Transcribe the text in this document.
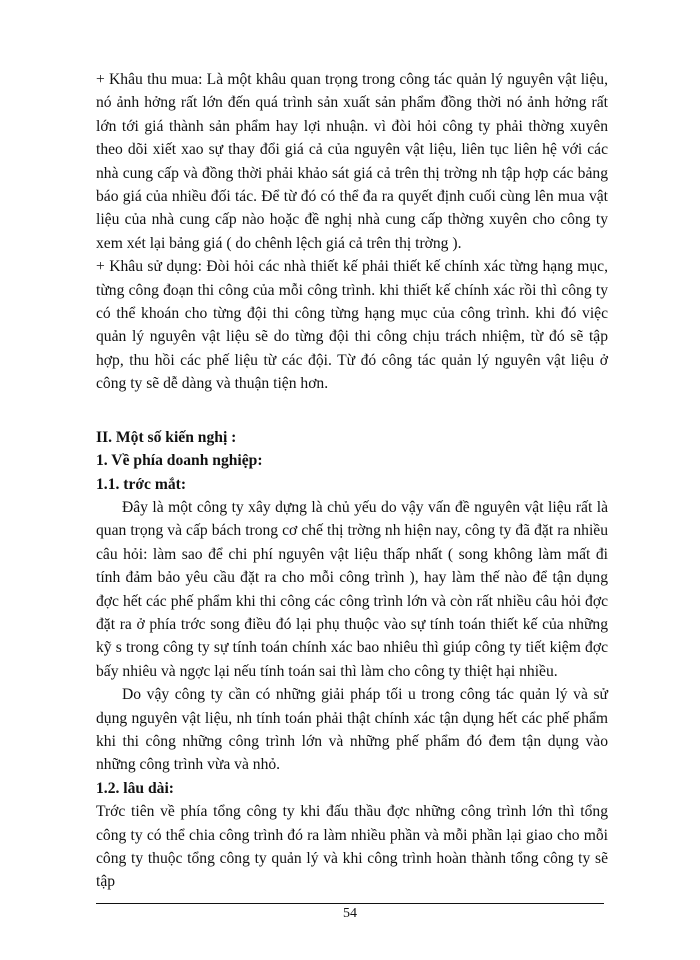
+ Khâu thu mua: Là một khâu quan trọng trong công tác quản lý nguyên vật liệu, nó ảnh hởng rất lớn đến quá trình sản xuất sản phẩm đồng thời nó ảnh hởng rất lớn tới giá thành sản phẩm hay lợi nhuận. vì đòi hỏi công ty phải thờng xuyên theo dõi xiết xao sự thay đổi giá cả của nguyên vật liệu, liên tục liên hệ với các nhà cung cấp và đồng thời phải khảo sát giá cả trên thị trờng nh tập hợp các bảng báo giá của nhiều đối tác. Để từ đó có thể đa ra quyết định cuối cùng lên mua vật liệu của nhà cung cấp nào hoặc đề nghị nhà cung cấp thờng xuyên cho công ty xem xét lại bảng giá ( do chênh lệch giá cả trên thị trờng ).

+ Khâu sử dụng: Đòi hỏi các nhà thiết kế phải thiết kế chính xác từng hạng mục, từng công đoạn thi công của mỗi công trình. khi thiết kế chính xác rồi thì công ty có thể khoán cho từng đội thi công từng hạng mục của công trình. khi đó việc quản lý nguyên vật liệu sẽ do từng đội thi công chịu trách nhiệm, từ đó sẽ tập hợp, thu hồi các phế liệu từ các đội. Từ đó công tác quản lý nguyên vật liệu ở công ty sẽ dễ dàng và thuận tiện hơn.

II. Một số kiến nghị :

1. Về phía doanh nghiệp:

1.1. trớc mắt:

Đây là một công ty xây dựng là chủ yếu do vậy vấn đề nguyên vật liệu rất là quan trọng và cấp bách trong cơ chế thị trờng nh hiện nay, công ty đã đặt ra nhiều câu hỏi: làm sao để chi phí nguyên vật liệu thấp nhất ( song không làm mất đi tính đảm bảo yêu cầu đặt ra cho mỗi công trình ), hay làm thế nào để tận dụng đợc hết các phế phẩm khi thi công các công trình lớn và còn rất nhiều câu hỏi đợc đặt ra ở phía trớc song điều đó lại phụ thuộc vào sự tính toán thiết kế của những kỹ s trong công ty sự tính toán chính xác bao nhiêu thì giúp công ty tiết kiệm đợc bấy nhiêu và ngợc lại nếu tính toán sai thì làm cho công ty thiệt hại nhiều.

Do vậy công ty cần có những giải pháp tối u trong công tác quản lý và sử dụng nguyên vật liệu, nh tính toán phải thật chính xác tận dụng hết các phế phẩm khi thi công những công trình lớn và những phế phẩm đó đem tận dụng vào những công trình vừa và nhỏ.

1.2. lâu dài:

Trớc tiên về phía tổng công ty khi đấu thầu đợc những công trình lớn thì tổng công ty có thể chia công trình đó ra làm nhiều phần và mỗi phần lại giao cho mỗi công ty thuộc tổng công ty quản lý và khi công trình hoàn thành tổng công ty sẽ tập

54
